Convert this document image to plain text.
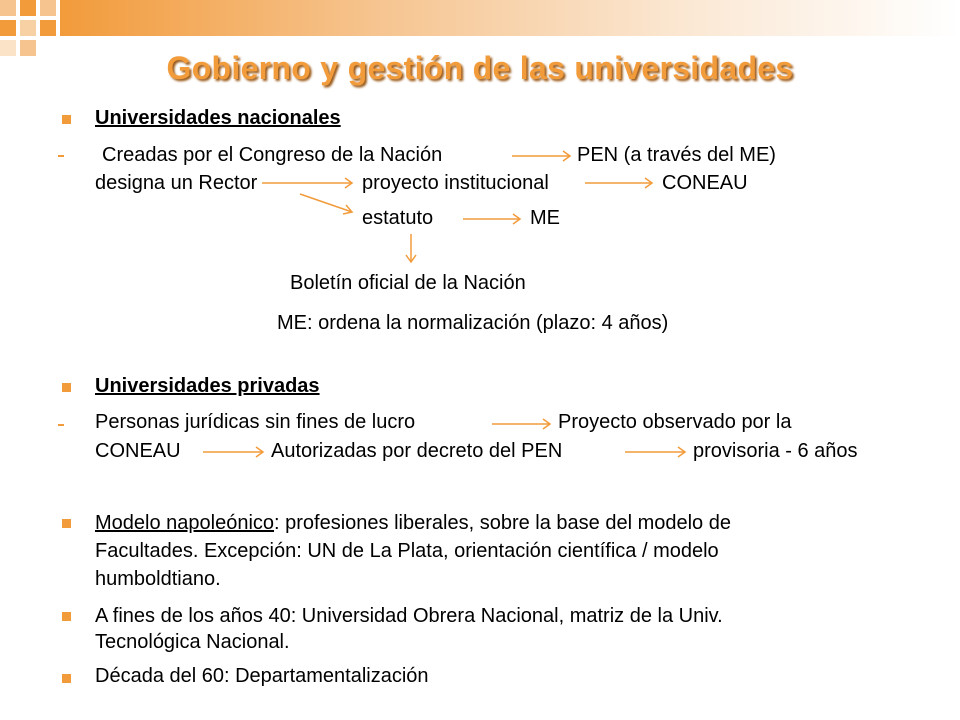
Gobierno y gestión de las universidades
Universidades nacionales
Creadas por el Congreso de la Nación	PEN (a través del ME)
designa un Rector	proyecto institucional	CONEAU
estatuto	ME
Boletín oficial de la Nación
ME: ordena la normalización (plazo: 4 años)
Universidades privadas
Personas jurídicas sin fines de lucro	Proyecto observado por la
CONEAU	Autorizadas por decreto del PEN	provisoria - 6 años
Modelo napoleónico: profesiones liberales, sobre la base del modelo de
Facultades. Excepción: UN de La Plata, orientación científica / modelo
humboldtiano.
A fines de los años 40: Universidad Obrera Nacional, matriz de la Univ.
Tecnológica Nacional.
Década del 60: Departamentalización
